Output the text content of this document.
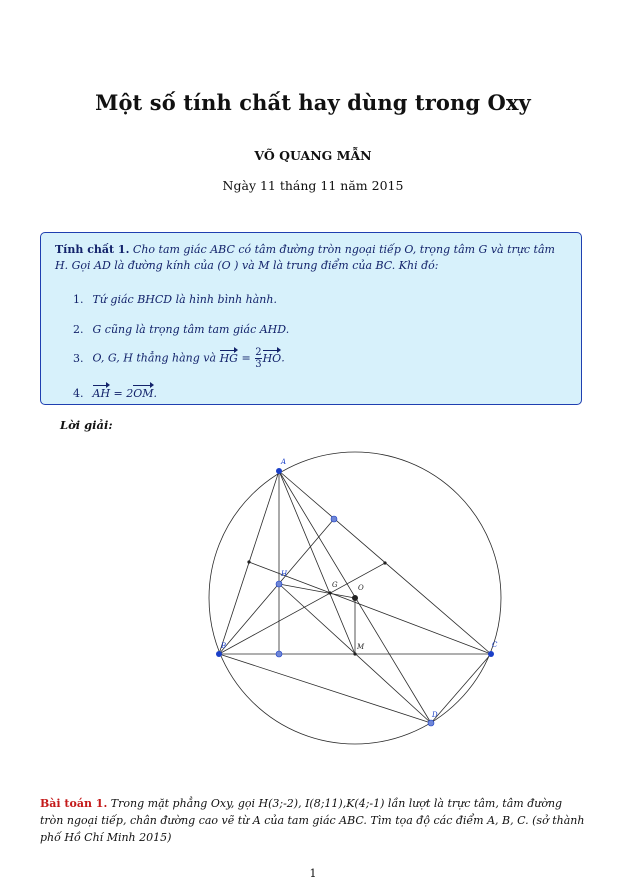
Một số tính chất hay dùng trong Oxy
VÕ QUANG MẪN
Ngày 11 tháng 11 năm 2015
Tính chất 1. Cho tam giác ABC có tâm đường tròn ngoại tiếp O, trọng tâm G và trực tâm H. Gọi AD là đường kính của (O ) và M là trung điểm của BC. Khi đó:
1. Tứ giác BHCD là hình bình hành.
2. G cũng là trọng tâm tam giác AHD.
3. O, G, H thẳng hàng và HG = $\frac{2}{3}$ HO.
4. AH = 2OM.
Lời giải:
A
B	C
D
H
G	O
M
Bài toán 1. Trong mặt phẳng Oxy, gọi H(3;-2), I(8;11),K(4;-1) lần lượt là trực tâm, tâm đường tròn ngoại tiếp, chân đường cao vẽ từ A của tam giác ABC. Tìm tọa độ các điểm A, B, C. (sở thành phố Hồ Chí Minh 2015)
1
